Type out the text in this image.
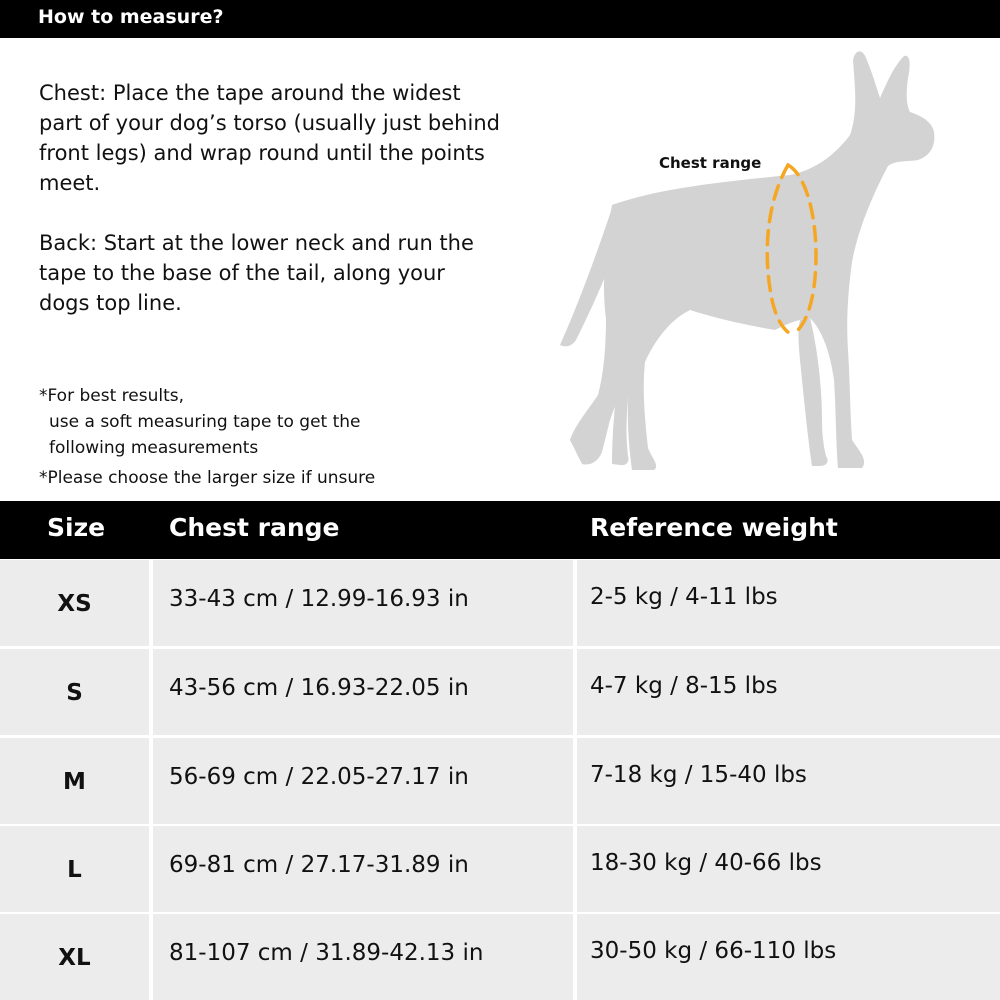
How to measure?

Chest: Place the tape around the widest
part of your dog’s torso (usually just behind
front legs) and wrap round until the points
meet.

Back: Start at the lower neck and run the
tape to the base of the tail, along your
dogs top line.

*For best results,
use a soft measuring tape to get the
following measurements
*Please choose the larger size if unsure
Chest range
Size	Chest range	Reference weight
XS	33-43 cm / 12.99-16.93 in	2-5 kg / 4-11 lbs
S	43-56 cm / 16.93-22.05 in	4-7 kg / 8-15 lbs
M	56-69 cm / 22.05-27.17 in	7-18 kg / 15-40 lbs
L	69-81 cm / 27.17-31.89 in	18-30 kg / 40-66 lbs
XL	81-107 cm / 31.89-42.13 in	30-50 kg / 66-110 lbs
